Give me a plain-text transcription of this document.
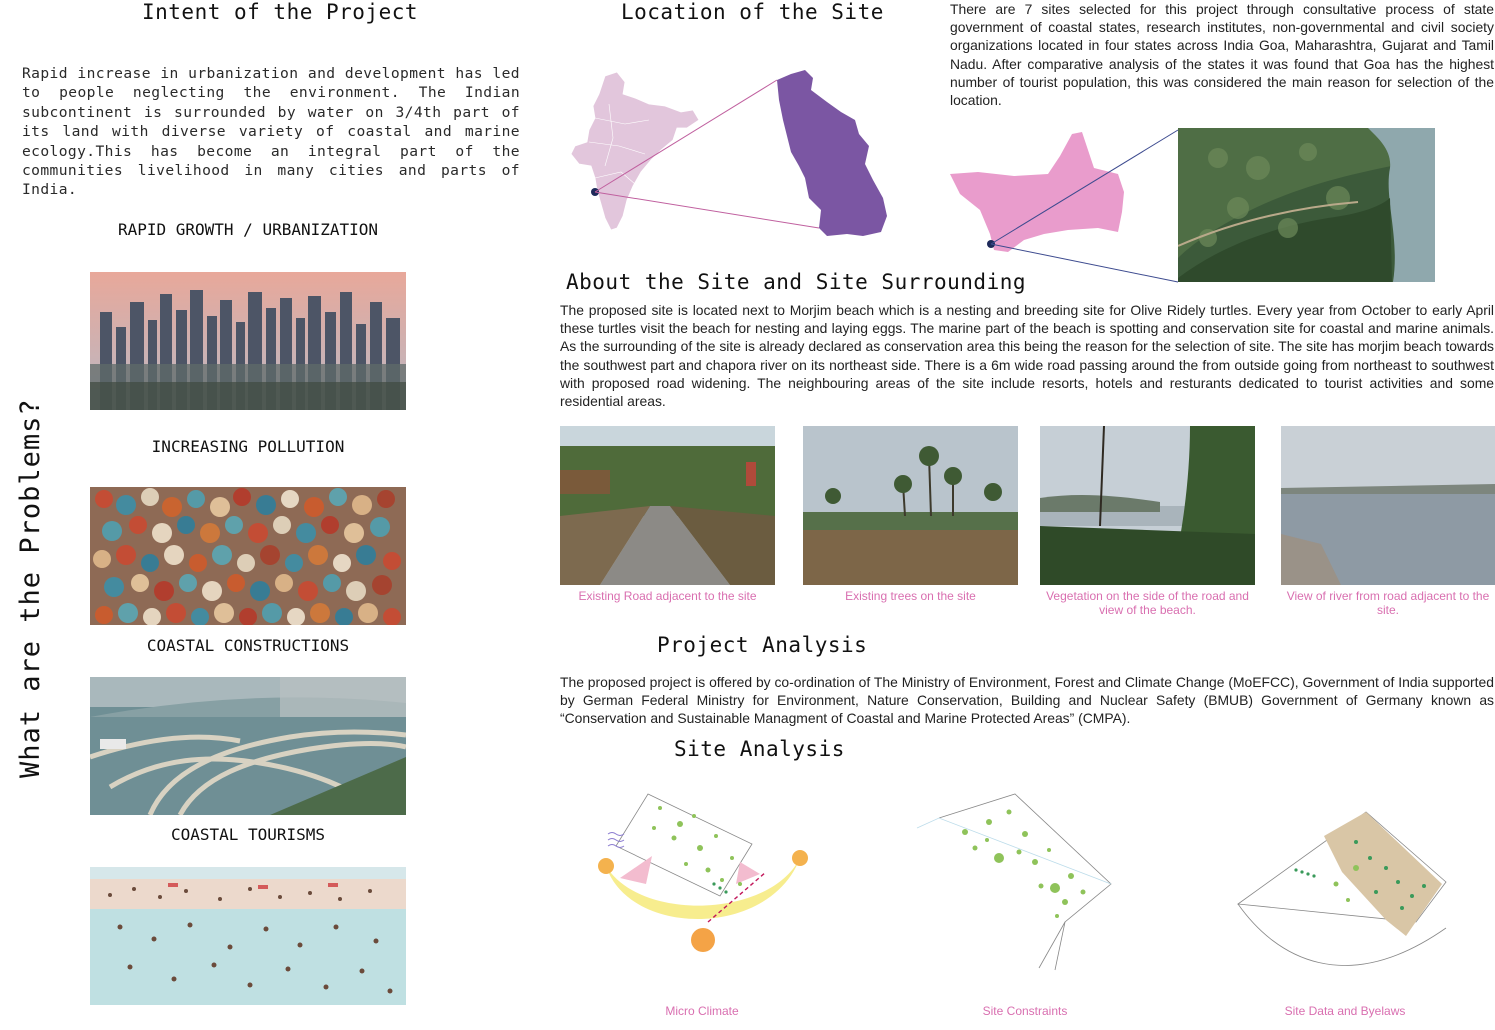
Intent of the Project
Rapid increase in urbanization and development has led to people neglecting the environment. The Indian subcontinent is surrounded by water on 3/4th part of its land with diverse variety of coastal and marine ecology.This has become an integral part of the communities livelihood in many cities and parts of India.
What are the Problems?
RAPID GROWTH / URBANIZATION
INCREASING POLLUTION
COASTAL CONSTRUCTIONS
COASTAL TOURISMS
Location of the Site	There are 7 sites selected for this project through consultative process of state government of coastal states, research institutes, non-governmental and civil society organizations located in four states across India Goa, Maharashtra, Gujarat and Tamil Nadu. After comparative analysis of the states it was found that Goa has the highest number of tourist population, this was considered the main reason for selection of the location.
About the Site and Site Surrounding
The proposed site is located next to Morjim beach which is a nesting and breeding site for Olive Ridely turtles. Every year from October to early April these turtles visit the beach for nesting and laying eggs. The marine part of the beach is spotting and conservation site for coastal and marine animals. As the surrounding of the site is already declared as conservation area this being the reason for the selection of site. The site has morjim beach towards the southwest part and chapora river on its northeast side. There is a 6m wide road passing around the from outside going from northeast to southwest with proposed road widening. The neighbouring areas of the site include resorts, hotels and resturants dedicated to tourist activities and some residential areas.
Existing Road adjacent to the site	Existing trees on the site	Vegetation on the side of the road and view of the beach.
View of river from road adjacent to the site.
Project Analysis
The proposed project is offered by co-ordination of The Ministry of Environment, Forest and Climate Change (MoEFCC), Government of India supported by German Federal Ministry for Environment, Nature Conservation, Building and Nuclear Safety (BMUB) Government of Germany known as “Conservation and Sustainable Managment of Coastal and Marine Protected Areas” (CMPA).
Site Analysis
Micro Climate	Site Constraints	Site Data and Byelaws
